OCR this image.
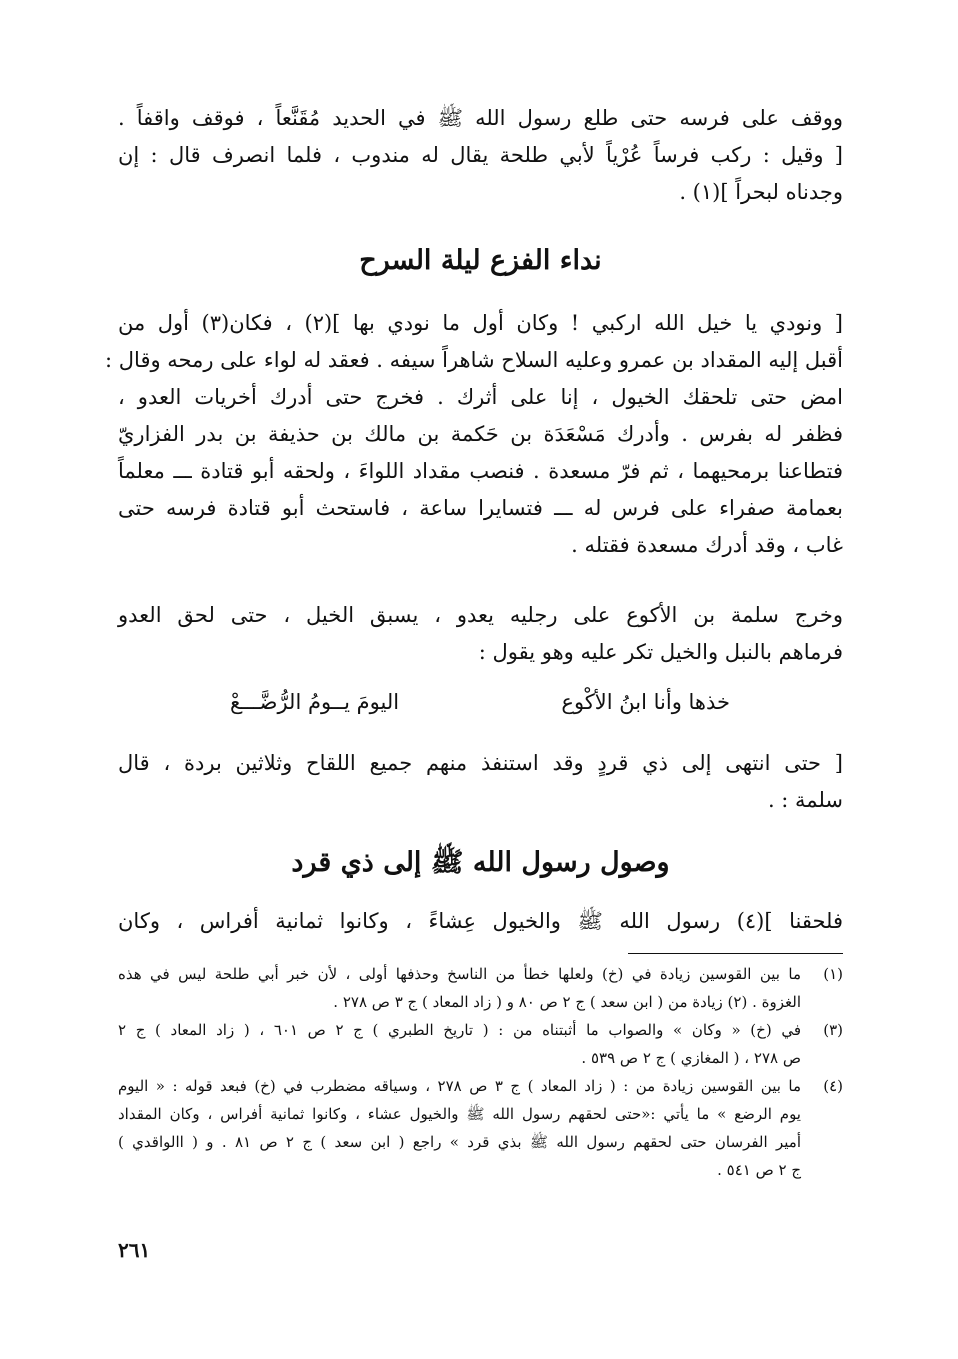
ووقف على فرسه حتى طلع رسول الله ﷺ في الحديد مُقَنَّعاً ، فوقف واقفاً .
[ وقيل : ركب فرساً عُرْياً لأبي طلحة يقال له مندوب ، فلما انصرف قال : إن
وجدناه لبحراً ](١) .
نداء الفزع ليلة السرح
[ ونودي يا خيل الله اركبي ! وكان أول ما نودي بها ](٢) ، فكان(٣) أول من
أقبل إليه المقداد بن عمرو وعليه السلاح شاهراً سيفه . فعقد له لواء على رمحه وقال :
امض حتى تلحقك الخيول ، إنا على أثرك . فخرج حتى أدرك أخريات العدو ،
فظفر له بفرس . وأدرك مَسْعَدَة بن حَكمة بن مالك بن حذيفة بن بدر الفزاريّ
فتطاعنا برمحيهما ، ثم فرّ مسعدة . فنصب مقداد اللواءَ ، ولحقه أبو قتادة ـــ معلماً
بعمامة صفراء على فرس له ـــ فتسايرا ساعة ، فاستحث أبو قتادة فرسه حتى
غاب ، وقد أدرك مسعدة فقتله .
وخرج سلمة بن الأكوع على رجليه يعدو ، يسبق الخيل ، حتى لحق العدو
فرماهم بالنبل والخيل تكر عليه وهو يقول :
خذها وأنا ابنُ الأكْوع
اليومَ يــومُ الرُّضَّـــعْ
[ حتى انتهى إلى ذي قردٍ وقد استنفذ منهم جميع اللقاح وثلاثين بردة ، قال
سلمة : .
وصول رسول الله ﷺ إلى ذي قرد
فلحقنا ](٤) رسول الله ﷺ والخيول عِشاءً ، وكانوا ثمانية أفراس ، وكان
(١)
ما بين القوسين زيادة في (خ) ولعلها خطأ من الناسخ وحذفها أولى ، لأن خبر أبي طلحة ليس في هذه
الغزوة . (٢) زيادة من ( ابن سعد ) ج ٢ ص ٨٠ و ( زاد المعاد ) ج ٣ ص ٢٧٨ .
(٣)
في (خ) « وكان » والصواب ما أثبتناه من : ( تاريخ الطبري ) ج ٢ ص ٦٠١ ، ( زاد المعاد ) ج ٢
ص ٢٧٨ ، ( المغازي ) ج ٢ ص ٥٣٩ .
(٤)
ما بين القوسين زيادة من : ( زاد المعاد ) ج ٣ ص ٢٧٨ ، وسياقه مضطرب في (خ) فبعد قوله : « اليوم
يوم الرضع » ما يأتي :«حتى لحقهم رسول الله ﷺ والخيول عشاء ، وكانوا ثمانية أفراس ، وكان المقداد
أمير الفرسان حتى لحقهم رسول الله ﷺ بذي قرد » راجع ( ابن سعد ) ج ٢ ص ٨١ . و ( االواقدي )
ج ٢ ص ٥٤١ .
٢٦١
